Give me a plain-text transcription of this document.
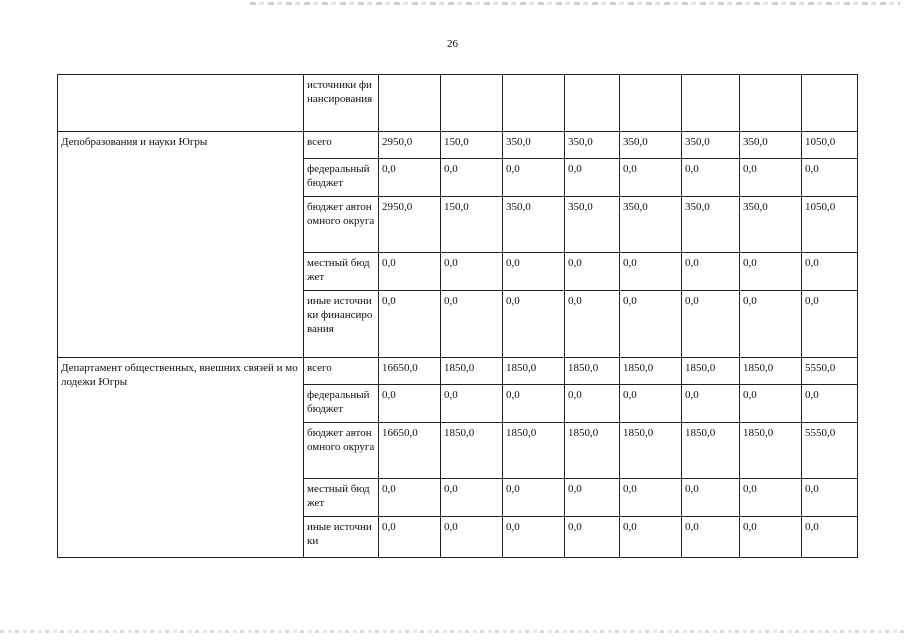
26
	источники финансирования								
Депобразования и науки Югры	всего	2950,0	150,0	350,0	350,0	350,0	350,0	350,0	1050,0
	федеральный бюджет	0,0	0,0	0,0	0,0	0,0	0,0	0,0	0,0
	бюджет автономного округа	2950,0	150,0	350,0	350,0	350,0	350,0	350,0	1050,0
	местный бюджет	0,0	0,0	0,0	0,0	0,0	0,0	0,0	0,0
	иные источники финансирования	0,0	0,0	0,0	0,0	0,0	0,0	0,0	0,0
Департамент общественных, внешних связей и молодежи Югры	всего	16650,0	1850,0	1850,0	1850,0	1850,0	1850,0	1850,0	5550,0
	федеральный бюджет	0,0	0,0	0,0	0,0	0,0	0,0	0,0	0,0
	бюджет автономного округа	16650,0	1850,0	1850,0	1850,0	1850,0	1850,0	1850,0	5550,0
	местный бюджет	0,0	0,0	0,0	0,0	0,0	0,0	0,0	0,0
	иные источники	0,0	0,0	0,0	0,0	0,0	0,0	0,0	0,0
